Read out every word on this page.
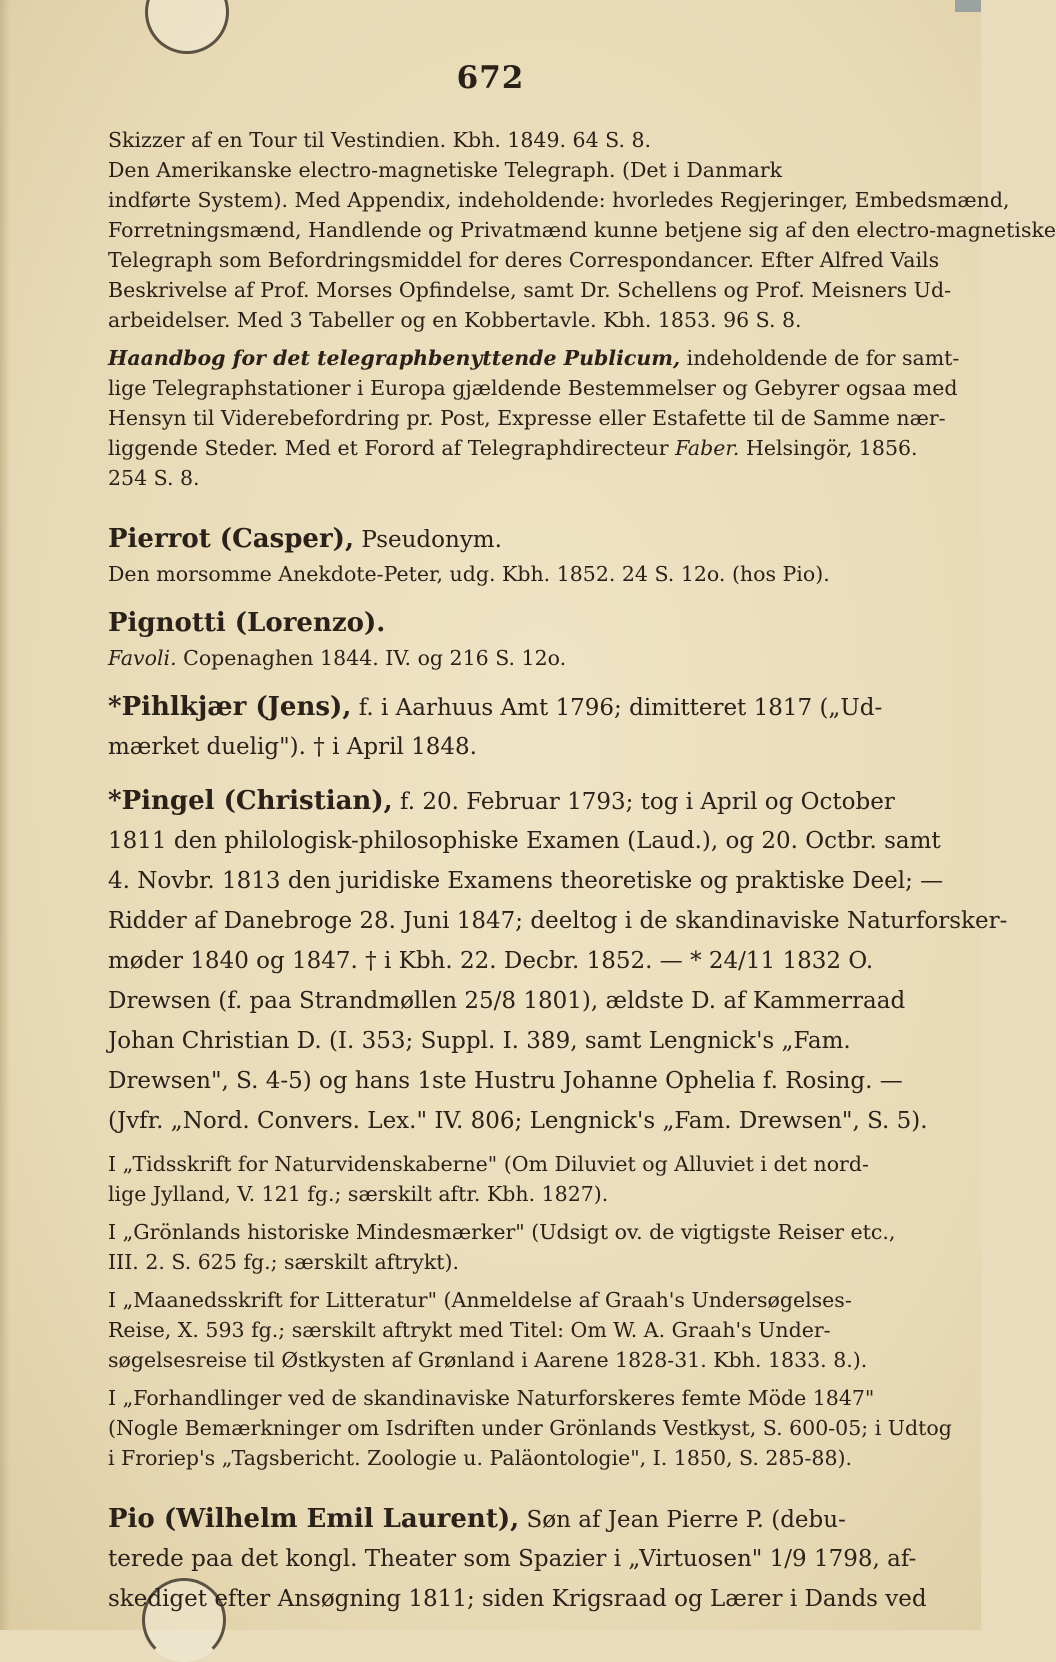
672
Skizzer af en Tour til Vestindien. Kbh. 1849. 64 S. 8.
Den Amerikanske electro-magnetiske Telegraph. (Det i Danmark
indførte System). Med Appendix, indeholdende: hvorledes Regjeringer, Embedsmænd,
Forretningsmænd, Handlende og Privatmænd kunne betjene sig af den electro-magnetiske
Telegraph som Befordringsmiddel for deres Correspondancer. Efter Alfred Vails
Beskrivelse af Prof. Morses Opfindelse, samt Dr. Schellens og Prof. Meisners Ud-
arbeidelser. Med 3 Tabeller og en Kobbertavle. Kbh. 1853. 96 S. 8.
Haandbog for det telegraphbenyttende Publicum, indeholdende de for samt-
lige Telegraphstationer i Europa gjældende Bestemmelser og Gebyrer ogsaa med
Hensyn til Viderebefordring pr. Post, Expresse eller Estafette til de Samme nær-
liggende Steder. Med et Forord af Telegraphdirecteur Faber. Helsingör, 1856.
254 S. 8.
Pierrot (Casper), Pseudonym.
Den morsomme Anekdote-Peter, udg. Kbh. 1852. 24 S. 12o. (hos Pio).
Pignotti (Lorenzo).
Favoli. Copenaghen 1844. IV. og 216 S. 12o.
*Pihlkjær (Jens), f. i Aarhuus Amt 1796; dimitteret 1817 („Ud-
mærket duelig"). † i April 1848.
*Pingel (Christian), f. 20. Februar 1793; tog i April og October
1811 den philologisk-philosophiske Examen (Laud.), og 20. Octbr. samt
4. Novbr. 1813 den juridiske Examens theoretiske og praktiske Deel; —
Ridder af Danebroge 28. Juni 1847; deeltog i de skandinaviske Naturforsker-
møder 1840 og 1847. † i Kbh. 22. Decbr. 1852. — * 24/11 1832 O.
Drewsen (f. paa Strandmøllen 25/8 1801), ældste D. af Kammerraad
Johan Christian D. (I. 353; Suppl. I. 389, samt Lengnick's „Fam.
Drewsen", S. 4-5) og hans 1ste Hustru Johanne Ophelia f. Rosing. —
(Jvfr. „Nord. Convers. Lex." IV. 806; Lengnick's „Fam. Drewsen", S. 5).
I „Tidsskrift for Naturvidenskaberne" (Om Diluviet og Alluviet i det nord-
lige Jylland, V. 121 fg.; særskilt aftr. Kbh. 1827).
I „Grönlands historiske Mindesmærker" (Udsigt ov. de vigtigste Reiser etc.,
III. 2. S. 625 fg.; særskilt aftrykt).
I „Maanedsskrift for Litteratur" (Anmeldelse af Graah's Undersøgelses-
Reise, X. 593 fg.; særskilt aftrykt med Titel: Om W. A. Graah's Under-
søgelsesreise til Østkysten af Grønland i Aarene 1828-31. Kbh. 1833. 8.).
I „Forhandlinger ved de skandinaviske Naturforskeres femte Möde 1847"
(Nogle Bemærkninger om Isdriften under Grönlands Vestkyst, S. 600-05; i Udtog
i Froriep's „Tagsbericht. Zoologie u. Paläontologie", I. 1850, S. 285-88).
Pio (Wilhelm Emil Laurent), Søn af Jean Pierre P. (debu-
terede paa det kongl. Theater som Spazier i „Virtuosen" 1/9 1798, af-
skediget efter Ansøgning 1811; siden Krigsraad og Lærer i Dands ved
